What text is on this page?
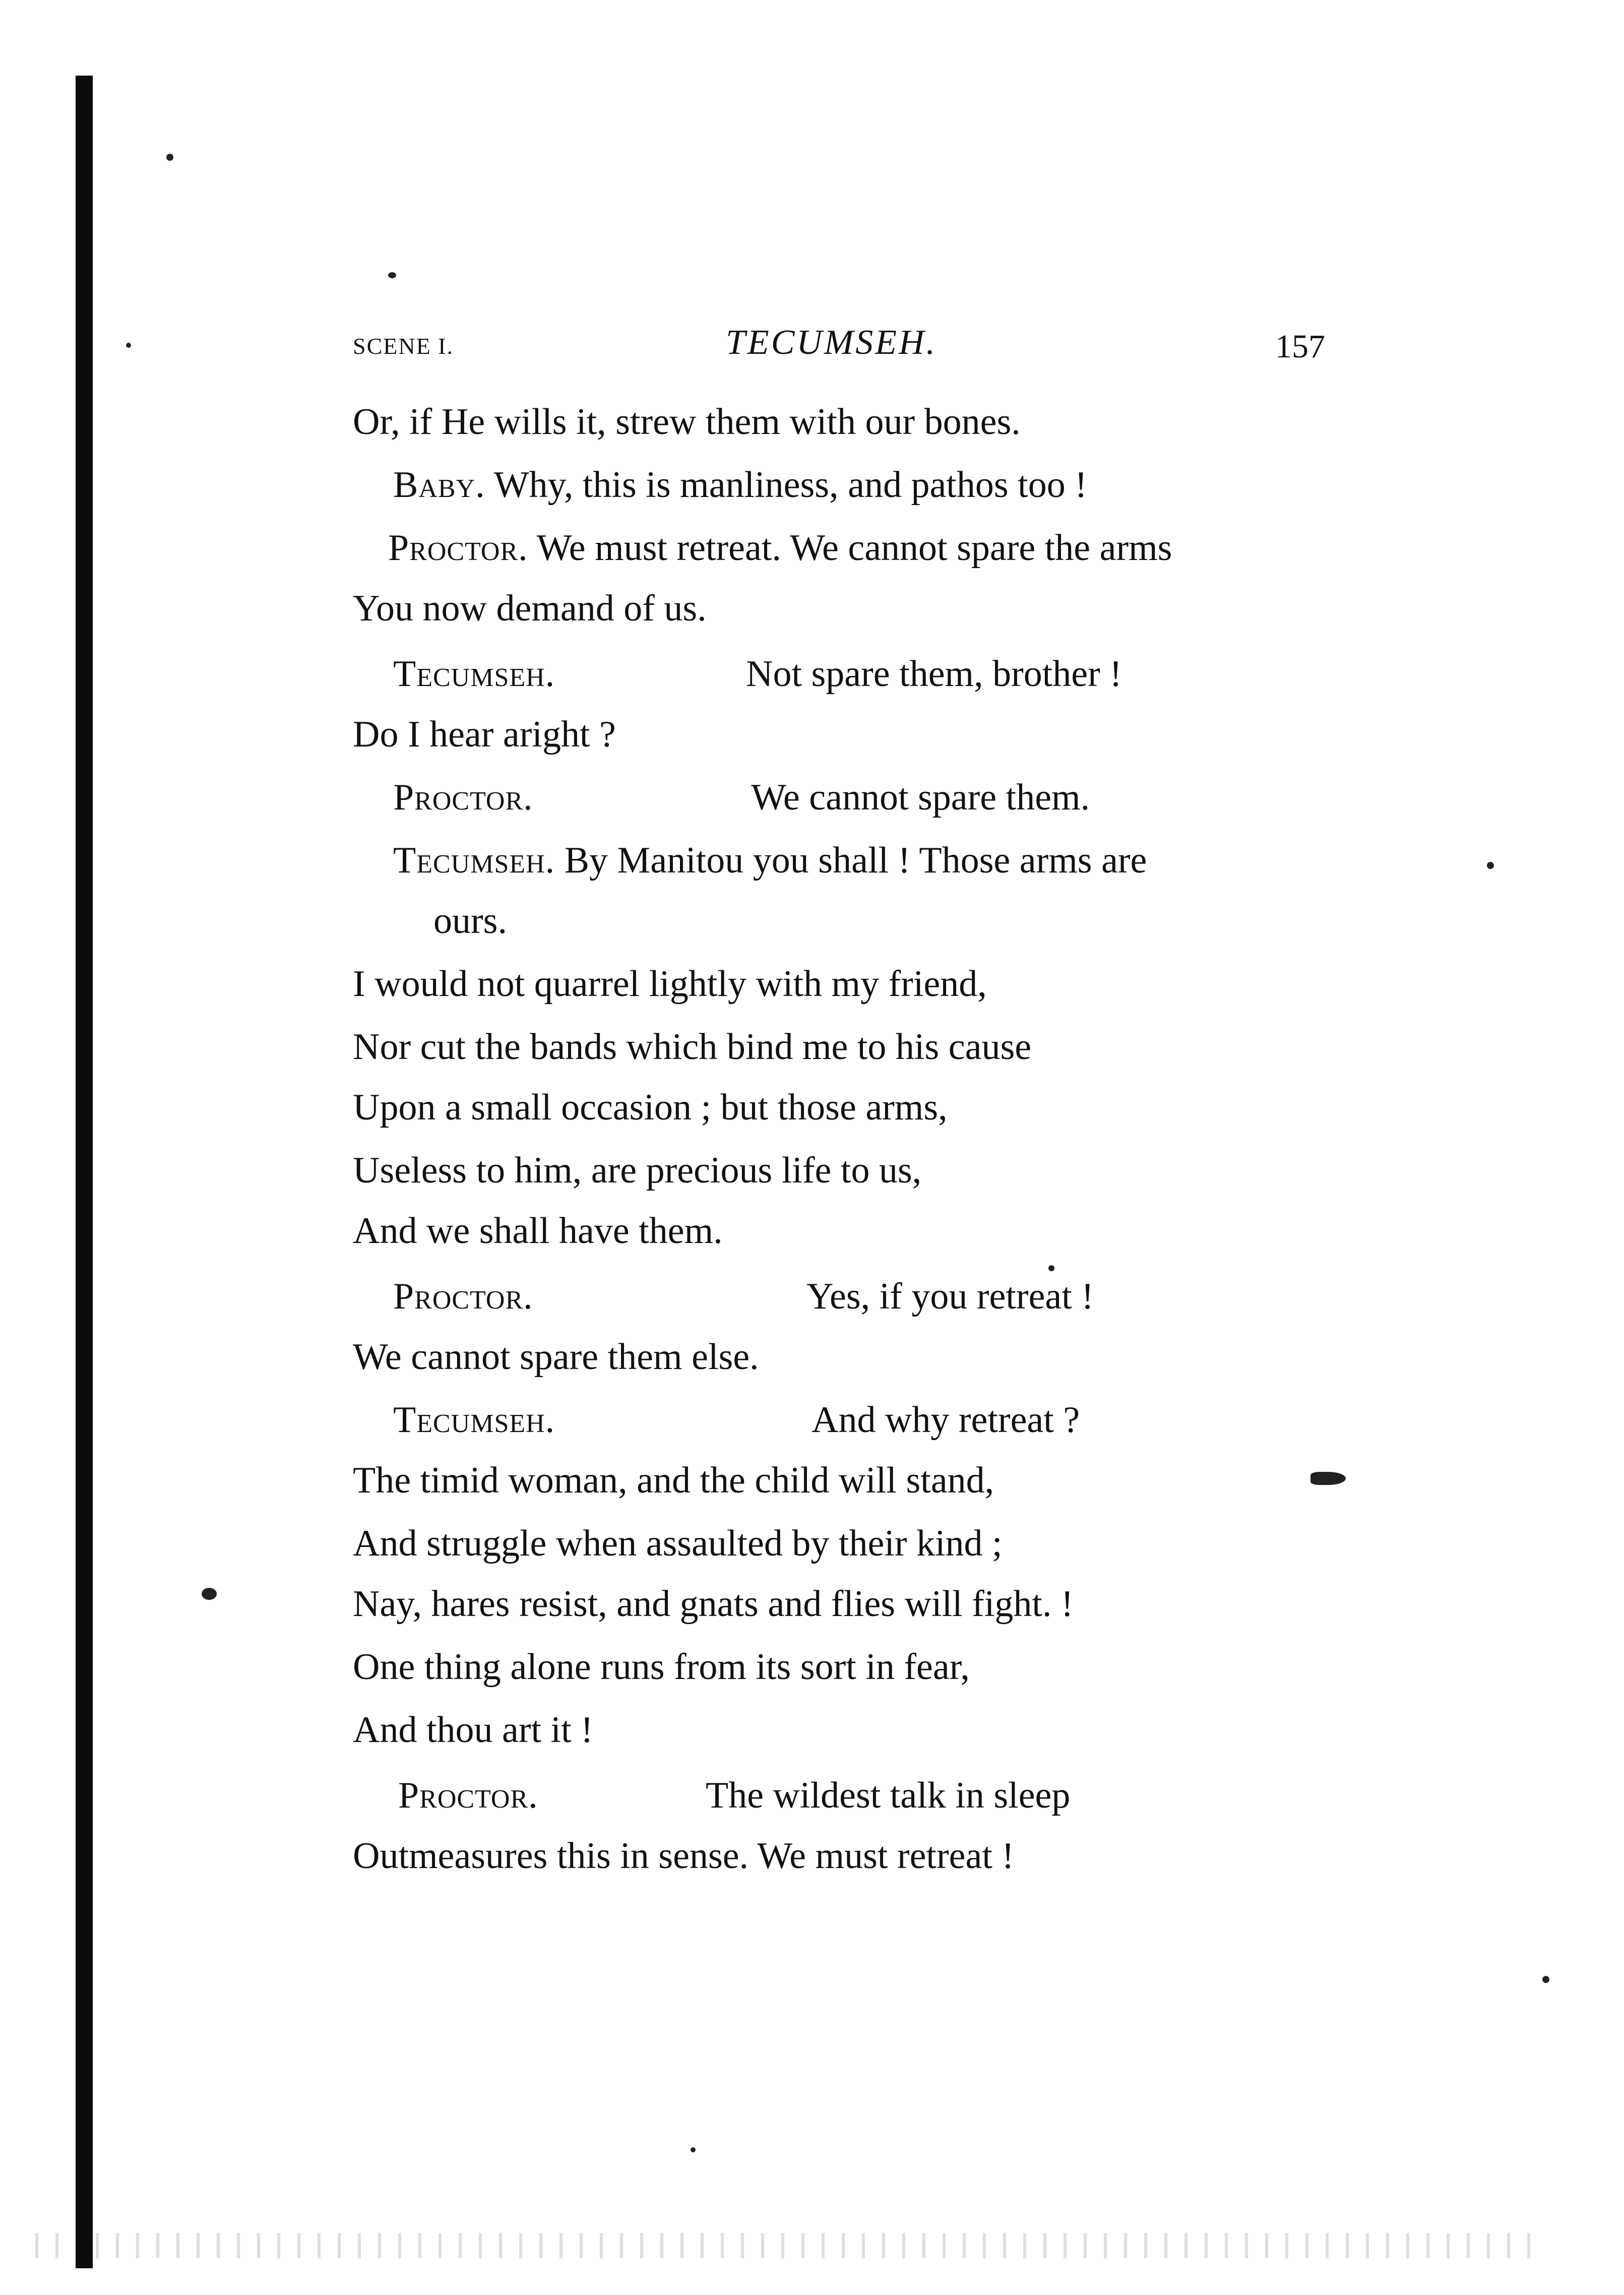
SCENE I.	TECUMSEH.	157
Or, if He wills it, strew them with our bones.
Baby. Why, this is manliness, and pathos too !
Proctor. We must retreat. We cannot spare the arms
You now demand of us.
Tecumseh.	Not spare them, brother !
Do I hear aright ?
Proctor.	We cannot spare them.
Tecumseh. By Manitou you shall ! Those arms are
ours.
I would not quarrel lightly with my friend,
Nor cut the bands which bind me to his cause
Upon a small occasion ; but those arms,
Useless to him, are precious life to us,
And we shall have them.
Proctor.	Yes, if you retreat !
We cannot spare them else.
Tecumseh.	And why retreat ?
The timid woman, and the child will stand,
And struggle when assaulted by their kind ;
Nay, hares resist, and gnats and flies will fight. !
One thing alone runs from its sort in fear,
And thou art it !
Proctor.	The wildest talk in sleep
Outmeasures this in sense. We must retreat !
